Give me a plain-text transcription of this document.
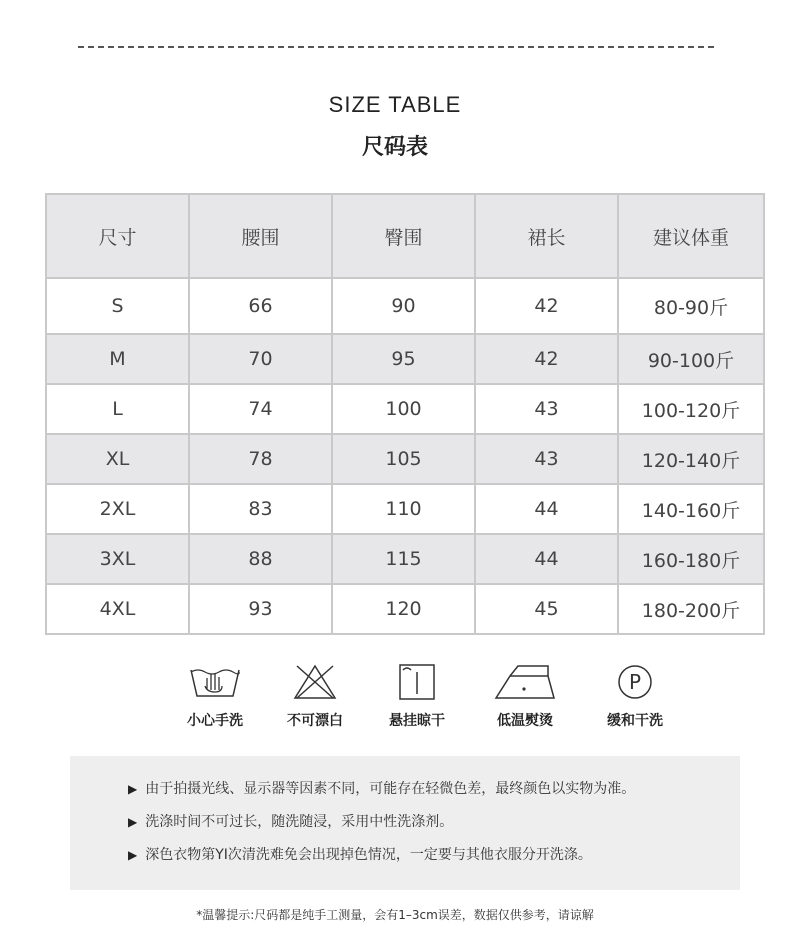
SIZE TABLE
尺码表
尺寸	腰围	臀围	裙长	建议体重
S	66	90	42	80-90斤
M	70	95	42	90-100斤
L	74	100	43	100-120斤
XL	78	105	43	120-140斤
2XL	83	110	44	140-160斤
3XL	88	115	44	160-180斤
4XL	93	120	45	180-200斤
小心手洗	不可漂白	悬挂晾干	低温熨烫
P
缓和干洗
▶ 由于拍摄光线、显示器等因素不同，可能存在轻微色差，最终颜色以实物为准。
▶ 洗涤时间不可过长，随洗随浸，采用中性洗涤剂。
▶ 深色衣物第YI次清洗难免会出现掉色情况，一定要与其他衣服分开洗涤。
*温馨提示:尺码都是纯手工测量，会有1–3cm误差，数据仅供参考，请谅解
